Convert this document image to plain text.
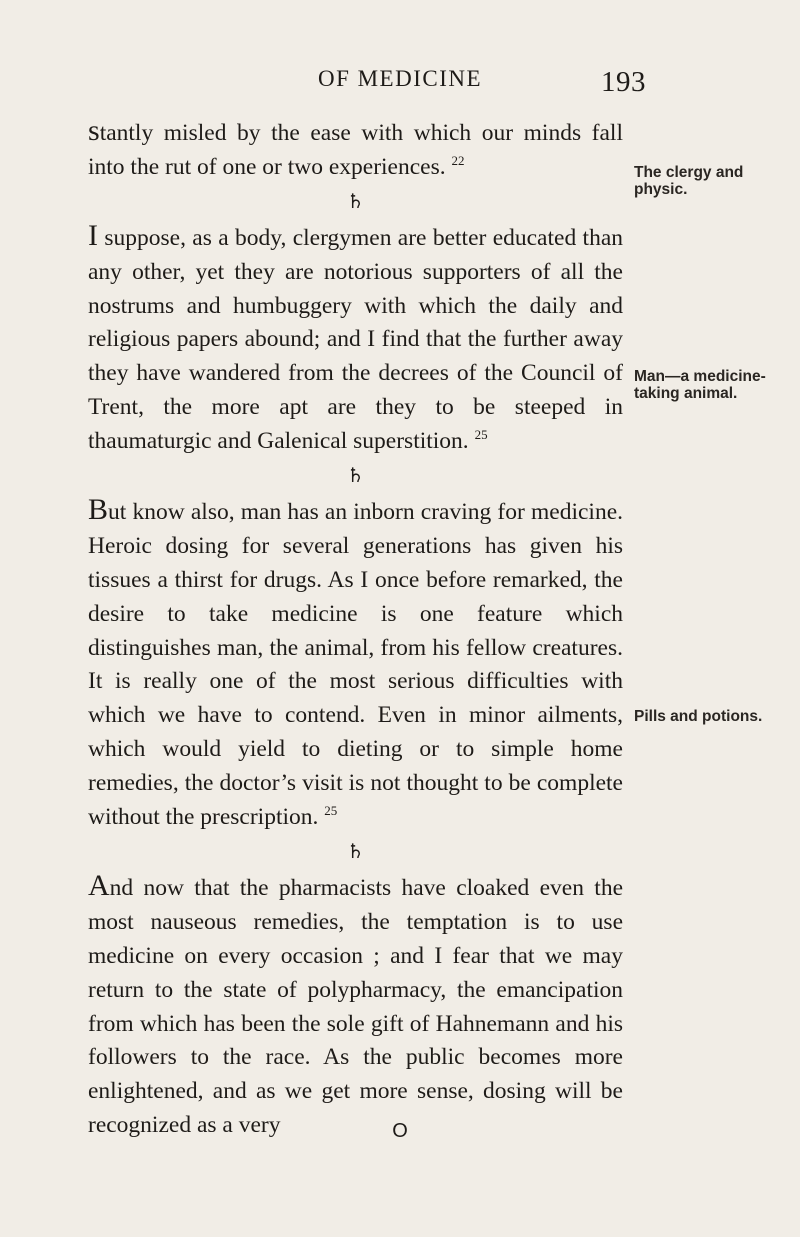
OF MEDICINE	193

stantly misled by the ease with which our minds fall into the rut of one or two experiences. $^{22}$

♄

I suppose, as a body, clergymen are better educated than any other, yet they are notorious supporters of all the nostrums and humbuggery with which the daily and religious papers abound; and I find that the further away they have wandered from the decrees of the Council of Trent, the more apt are they to be steeped in thaumaturgic and Galenical superstition. $^{25}$

♄

But know also, man has an inborn craving for medicine. Heroic dosing for several generations has given his tissues a thirst for drugs. As I once before remarked, the desire to take medicine is one feature which distinguishes man, the animal, from his fellow creatures. It is really one of the most serious difficulties with which we have to contend. Even in minor ailments, which would yield to dieting or to simple home remedies, the doctor’s visit is not thought to be complete without the prescription. $^{25}$

♄

And now that the pharmacists have cloaked even the most nauseous remedies, the temptation is to use medicine on every occasion ; and I fear that we may return to the state of polypharmacy, the emancipation from which has been the sole gift of Hahnemann and his followers to the race. As the public becomes more enlightened, and as we get more sense, dosing will be recognized as a very	O
The clergy and physic.
Man—a medicine-taking animal.
Pills and potions.
